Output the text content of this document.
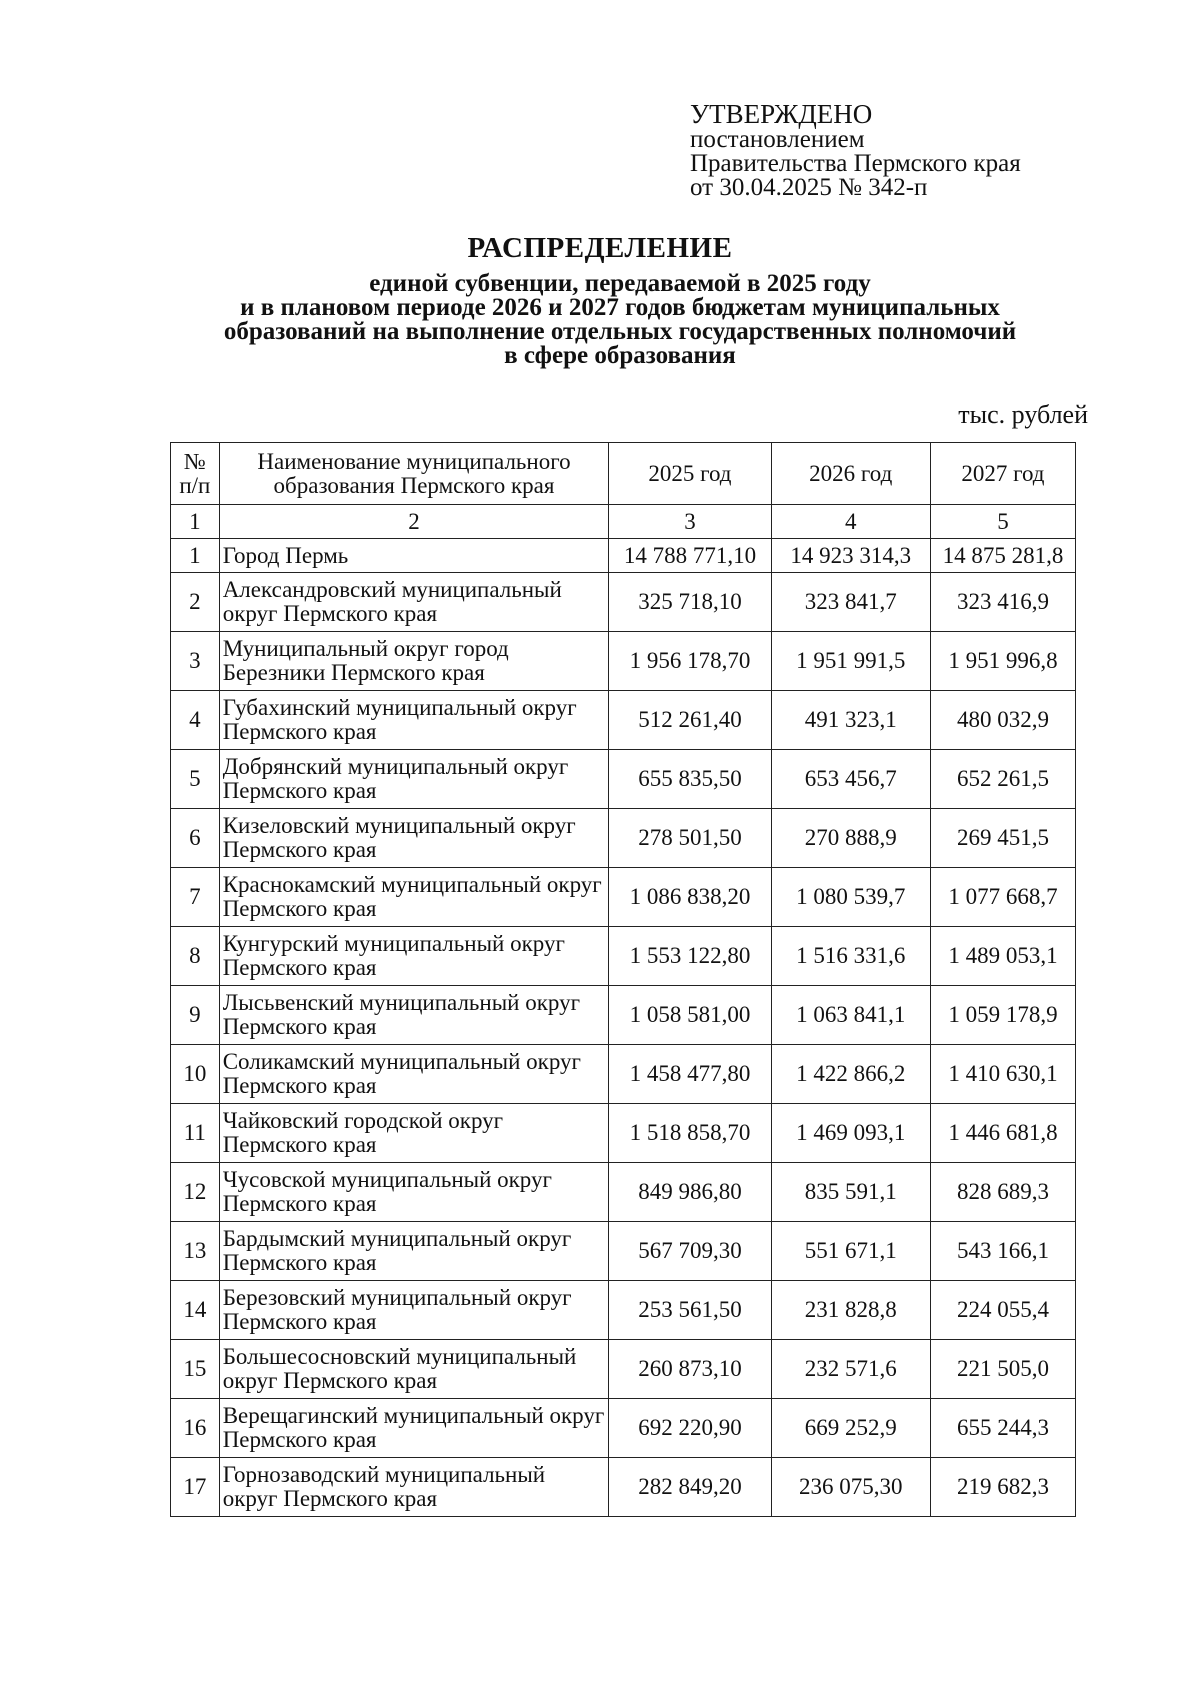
УТВЕРЖДЕНО
постановлением
Правительства Пермского края
от 30.04.2025 № 342-п
РАСПРЕДЕЛЕНИЕ
единой субвенции, передаваемой в 2025 году
и в плановом периоде 2026 и 2027 годов бюджетам муниципальных
образований на выполнение отдельных государственных полномочий
в сфере образования
тыс. рублей
№ п/п	Наименование муниципального образования Пермского края	2025 год	2026 год	2027 год
1	2	3	4	5
1	Город Пермь	14 788 771,10	14 923 314,3	14 875 281,8
2	Александровский муниципальный округ Пермского края	325 718,10	323 841,7	323 416,9
3	Муниципальный округ город Березники Пермского края	1 956 178,70	1 951 991,5	1 951 996,8
4	Губахинский муниципальный округ Пермского края	512 261,40	491 323,1	480 032,9
5	Добрянский муниципальный округ Пермского края	655 835,50	653 456,7	652 261,5
6	Кизеловский муниципальный округ Пермского края	278 501,50	270 888,9	269 451,5
7	Краснокамский муниципальный округ Пермского края	1 086 838,20	1 080 539,7	1 077 668,7
8	Кунгурский муниципальный округ Пермского края	1 553 122,80	1 516 331,6	1 489 053,1
9	Лысьвенский муниципальный округ Пермского края	1 058 581,00	1 063 841,1	1 059 178,9
10	Соликамский муниципальный округ Пермского края	1 458 477,80	1 422 866,2	1 410 630,1
11	Чайковский городской округ Пермского края	1 518 858,70	1 469 093,1	1 446 681,8
12	Чусовской муниципальный округ Пермского края	849 986,80	835 591,1	828 689,3
13	Бардымский муниципальный округ Пермского края	567 709,30	551 671,1	543 166,1
14	Березовский муниципальный округ Пермского края	253 561,50	231 828,8	224 055,4
15	Большесосновский муниципальный округ Пермского края	260 873,10	232 571,6	221 505,0
16	Верещагинский муниципальный округ Пермского края	692 220,90	669 252,9	655 244,3
17	Горнозаводский муниципальный округ Пермского края	282 849,20	236 075,30	219 682,3
